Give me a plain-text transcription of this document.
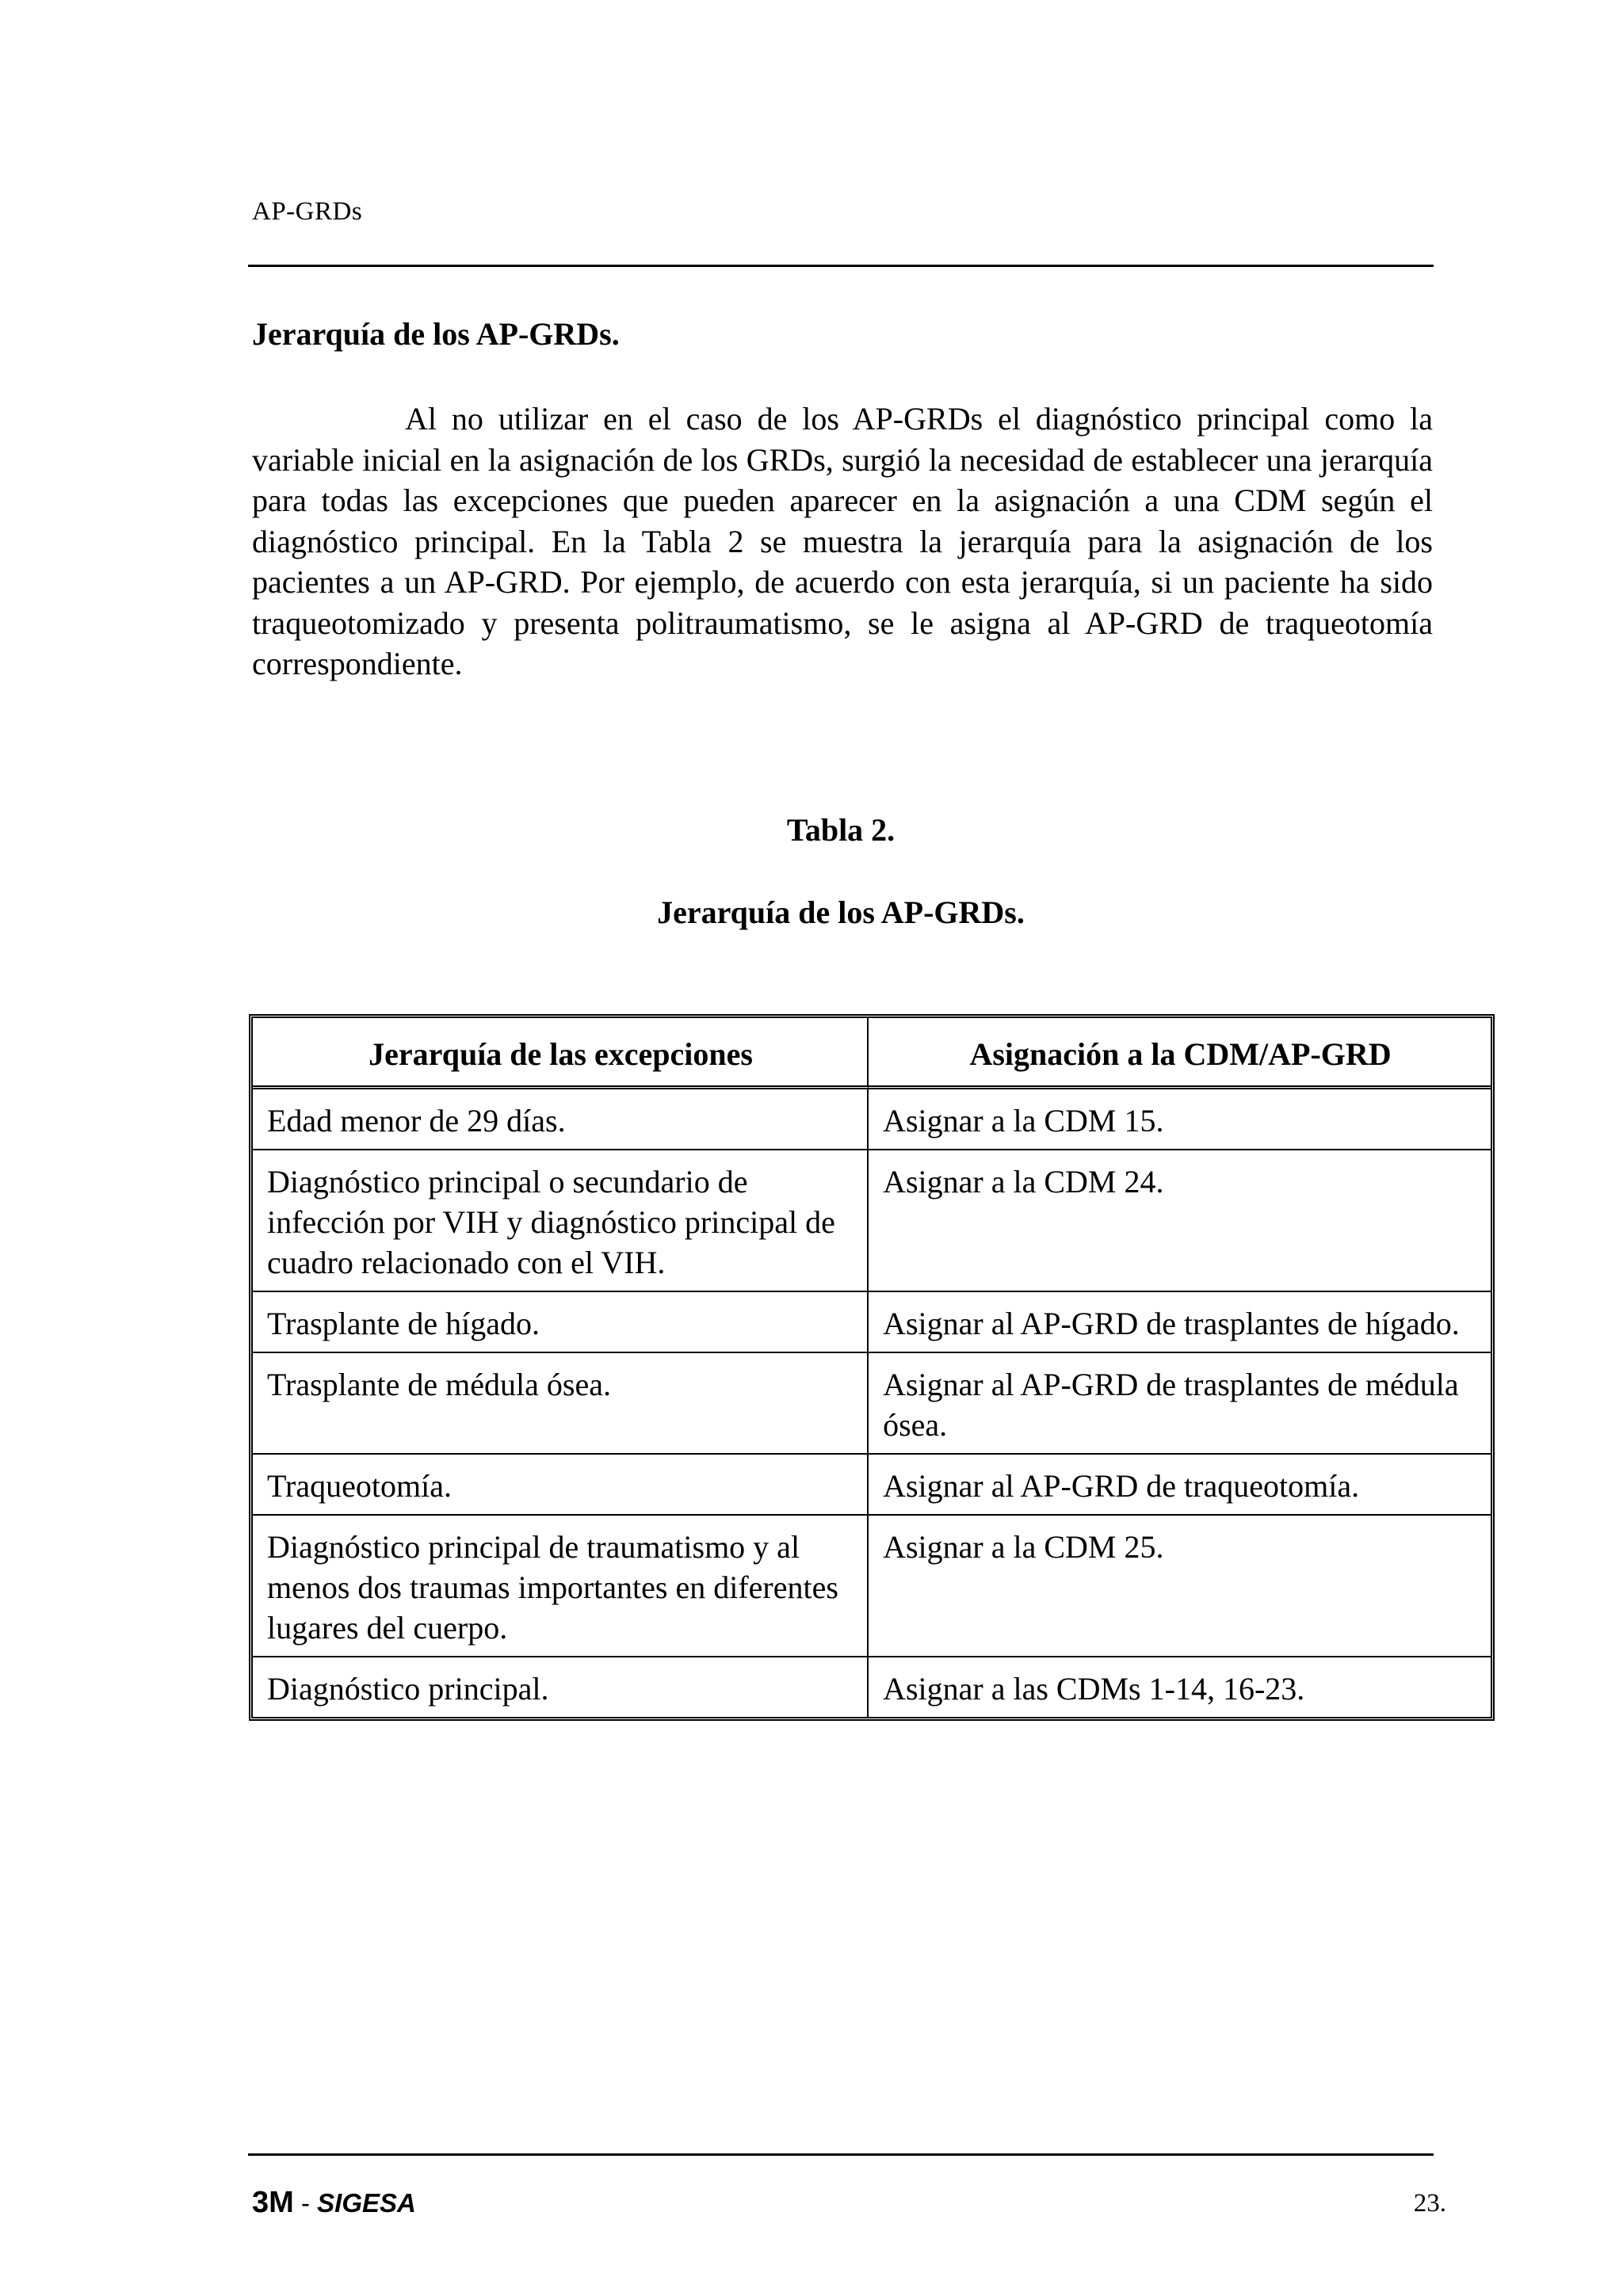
AP-GRDs
Jerarquía de los AP-GRDs.

Al no utilizar en el caso de los AP-GRDs el diagnóstico principal como la variable inicial en la asignación de los GRDs, surgió la necesidad de establecer una jerarquía para todas las excepciones que pueden aparecer en la asignación a una CDM según el diagnóstico principal. En la Tabla 2 se muestra la jerarquía para la asignación de los pacientes a un AP-GRD. Por ejemplo, de acuerdo con esta jerarquía, si un paciente ha sido traqueotomizado y presenta politraumatismo, se le asigna al AP-GRD de traqueotomía correspondiente.

Tabla 2.
Jerarquía de los AP-GRDs.
Jerarquía de las excepciones	Asignación a la CDM/AP-GRD
Edad menor de 29 días.	Asignar a la CDM 15.
Diagnóstico principal o secundario de infección por VIH y diagnóstico principal de cuadro relacionado con el VIH.	Asignar a la CDM 24.
Trasplante de hígado.	Asignar al AP-GRD de trasplantes de hígado.
Trasplante de médula ósea.	Asignar al AP-GRD de trasplantes de médula ósea.
Traqueotomía.	Asignar al AP-GRD de traqueotomía.
Diagnóstico principal de traumatismo y al menos dos traumas importantes en diferentes lugares del cuerpo.	Asignar a la CDM 25.
Diagnóstico principal.	Asignar a las CDMs 1-14, 16-23.
3M - SIGESA	23.
